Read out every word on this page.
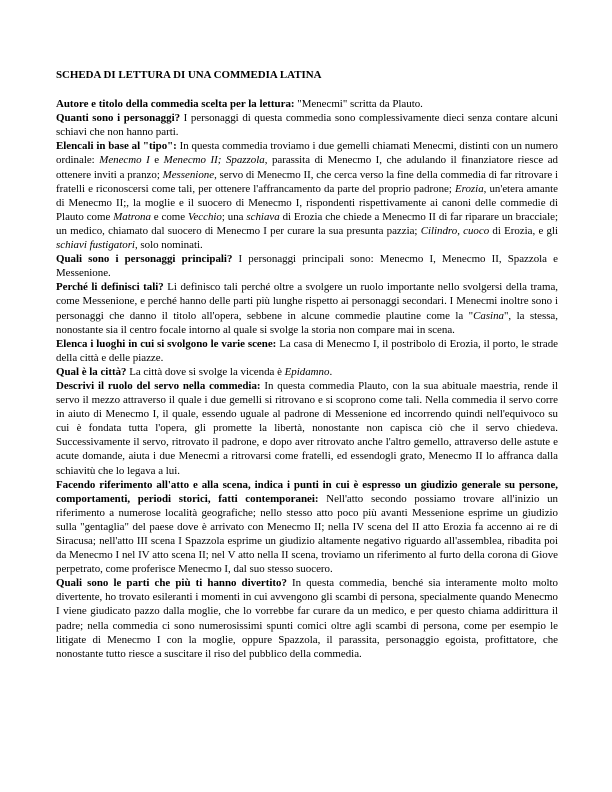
SCHEDA DI LETTURA DI UNA COMMEDIA LATINA

Autore e titolo della commedia scelta per la lettura: "Menecmi" scritta da Plauto.

Quanti sono i personaggi? I personaggi di questa commedia sono complessivamente dieci senza contare alcuni schiavi che non hanno parti.

Elencali in base al "tipo": In questa commedia troviamo i due gemelli chiamati Menecmi, distinti con un numero ordinale: Menecmo I e Menecmo II; Spazzola, parassita di Menecmo I, che adulando il finanziatore riesce ad ottenere inviti a pranzo; Messenione, servo di Menecmo II, che cerca verso la fine della commedia di far ritrovare i fratelli e riconoscersi come tali, per ottenere l'affrancamento da parte del proprio padrone; Erozia, un'etera amante di Menecmo II;, la moglie e il suocero di Menecmo I, rispondenti rispettivamente ai canoni delle commedie di Plauto come Matrona e come Vecchio; una schiava di Erozia che chiede a Menecmo II di far riparare un bracciale; un medico, chiamato dal suocero di Menecmo I per curare la sua presunta pazzia; Cilindro, cuoco di Erozia, e gli schiavi fustigatori, solo nominati.

Quali sono i personaggi principali? I personaggi principali sono: Menecmo I, Menecmo II, Spazzola e Messenione.

Perché li definisci tali? Li definisco tali perché oltre a svolgere un ruolo importante nello svolgersi della trama, come Messenione, e perché hanno delle parti più lunghe rispetto ai personaggi secondari. I Menecmi inoltre sono i personaggi che danno il titolo all'opera, sebbene in alcune commedie plautine come la "Casina", la stessa, nonostante sia il centro focale intorno al quale si svolge la storia non compare mai in scena.

Elenca i luoghi in cui si svolgono le varie scene: La casa di Menecmo I, il postribolo di Erozia, il porto, le strade della città e delle piazze.

Qual è la città? La città dove si svolge la vicenda è Epidamno.

Descrivi il ruolo del servo nella commedia: In questa commedia Plauto, con la sua abituale maestria, rende il servo il mezzo attraverso il quale i due gemelli si ritrovano e si scoprono come tali. Nella commedia il servo corre in aiuto di Menecmo I, il quale, essendo uguale al padrone di Messenione ed incorrendo quindi nell'equivoco su cui è fondata tutta l'opera, gli promette la libertà, nonostante non capisca ciò che il servo chiedeva. Successivamente il servo, ritrovato il padrone, e dopo aver ritrovato anche l'altro gemello, attraverso delle astute e acute domande, aiuta i due Menecmi a ritrovarsi come fratelli, ed essendogli grato, Menecmo II lo affranca dalla schiavitù che lo legava a lui.

Facendo riferimento all'atto e alla scena, indica i punti in cui è espresso un giudizio generale su persone, comportamenti, periodi storici, fatti contemporanei: Nell'atto secondo possiamo trovare all'inizio un riferimento a numerose località geografiche; nello stesso atto poco più avanti Messenione esprime un giudizio sulla "gentaglia" del paese dove è arrivato con Menecmo II; nella IV scena del II atto Erozia fa accenno ai re di Siracusa; nell'atto III scena I Spazzola esprime un giudizio altamente negativo riguardo all'assemblea, ribadita poi da Menecmo I nel IV atto scena II; nel V atto nella II scena, troviamo un riferimento al furto della corona di Giove perpetrato, come proferisce Menecmo I, dal suo stesso suocero.

Quali sono le parti che più ti hanno divertito? In questa commedia, benché sia interamente molto molto divertente, ho trovato esileranti i momenti in cui avvengono gli scambi di persona, specialmente quando Menecmo I viene giudicato pazzo dalla moglie, che lo vorrebbe far curare da un medico, e per questo chiama addirittura il padre; nella commedia ci sono numerosissimi spunti comici oltre agli scambi di persona, come per esempio le litigate di Menecmo I con la moglie, oppure Spazzola, il parassita, personaggio egoista, profittatore, che nonostante tutto riesce a suscitare il riso del pubblico della commedia.
